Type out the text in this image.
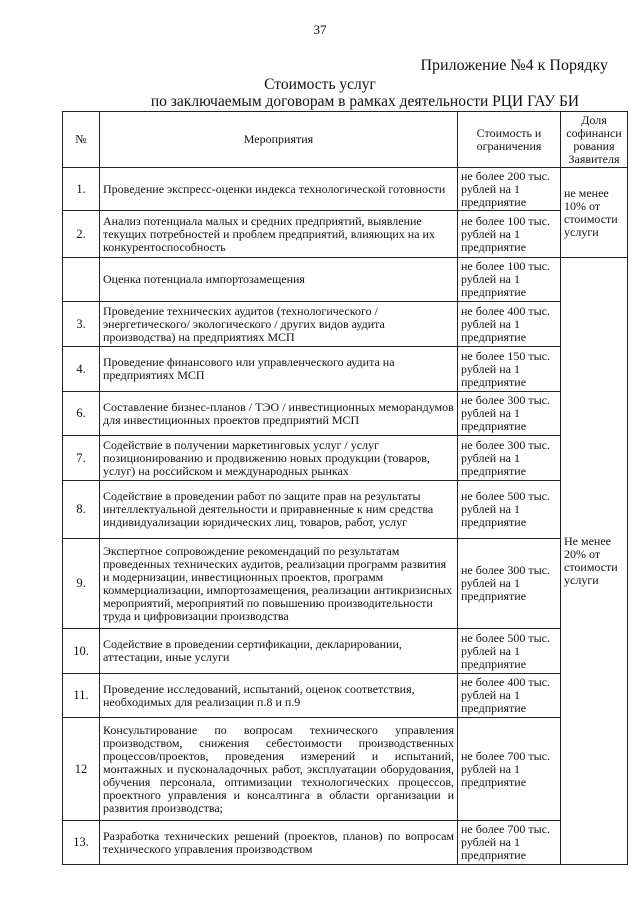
37
Приложение №4 к Порядку
Стоимость услуг
по заключаемым договорам в рамках деятельности РЦИ ГАУ БИ
№	Мероприятия	Стоимость и ограничения	Доля софинанси рования Заявителя
1.	Проведение экспресс-оценки индекса технологической готовности	не более 200 тыс. рублей на 1 предприятие	не менее 10% от стоимости услуги
2.	Анализ потенциала малых и средних предприятий, выявление текущих потребностей и проблем предприятий, влияющих на их конкурентоспособность	не более 100 тыс. рублей на 1 предприятие	
	Оценка потенциала импортозамещения	не более 100 тыс. рублей на 1 предприятие	Не менее 20% от стоимости услуги
3.	Проведение технических аудитов (технологического / энергетического/ экологического / других видов аудита производства) на предприятиях МСП	не более 400 тыс. рублей на 1 предприятие	
4.	Проведение финансового или управленческого аудита на предприятиях МСП	не более 150 тыс. рублей на 1 предприятие	
6.	Составление бизнес-планов / ТЭО / инвестиционных меморандумов для инвестиционных проектов предприятий МСП	не более 300 тыс. рублей на 1 предприятие	
7.	Содействие в получении маркетинговых услуг / услуг позиционированию и продвижению новых продукции (товаров, услуг) на российском и международных рынках	не более 300 тыс. рублей на 1 предприятие	
8.	Содействие в проведении работ по защите прав на результаты интеллектуальной деятельности и приравненные к ним средства индивидуализации юридических лиц, товаров, работ, услуг	не более 500 тыс. рублей на 1 предприятие	
9.	Экспертное сопровождение рекомендаций по результатам проведенных технических аудитов, реализации программ развития и модернизации, инвестиционных проектов, программ коммерциализации, импортозамещения, реализации антикризисных мероприятий, мероприятий по повышению производительности труда и цифровизации производства	не более 300 тыс. рублей на 1 предприятие	
10.	Содействие в проведении сертификации, декларировании, аттестации, иные услуги	не более 500 тыс. рублей на 1 предприятие	
11.	Проведение исследований, испытаний, оценок соответствия, необходимых для реализации п.8 и п.9	не более 400 тыс. рублей на 1 предприятие	
12	Консультирование по вопросам технического управления производством, снижения себестоимости производственных процессов/проектов, проведения измерений и испытаний, монтажных и пусконаладочных работ, эксплуатации оборудования, обучения персонала, оптимизации технологических процессов, проектного управления и консалтинга в области организации и развития производства;	не более 700 тыс. рублей на 1 предприятие	
13.	Разработка технических решений (проектов, планов) по вопросам технического управления производством	не более 700 тыс. рублей на 1 предприятие	
